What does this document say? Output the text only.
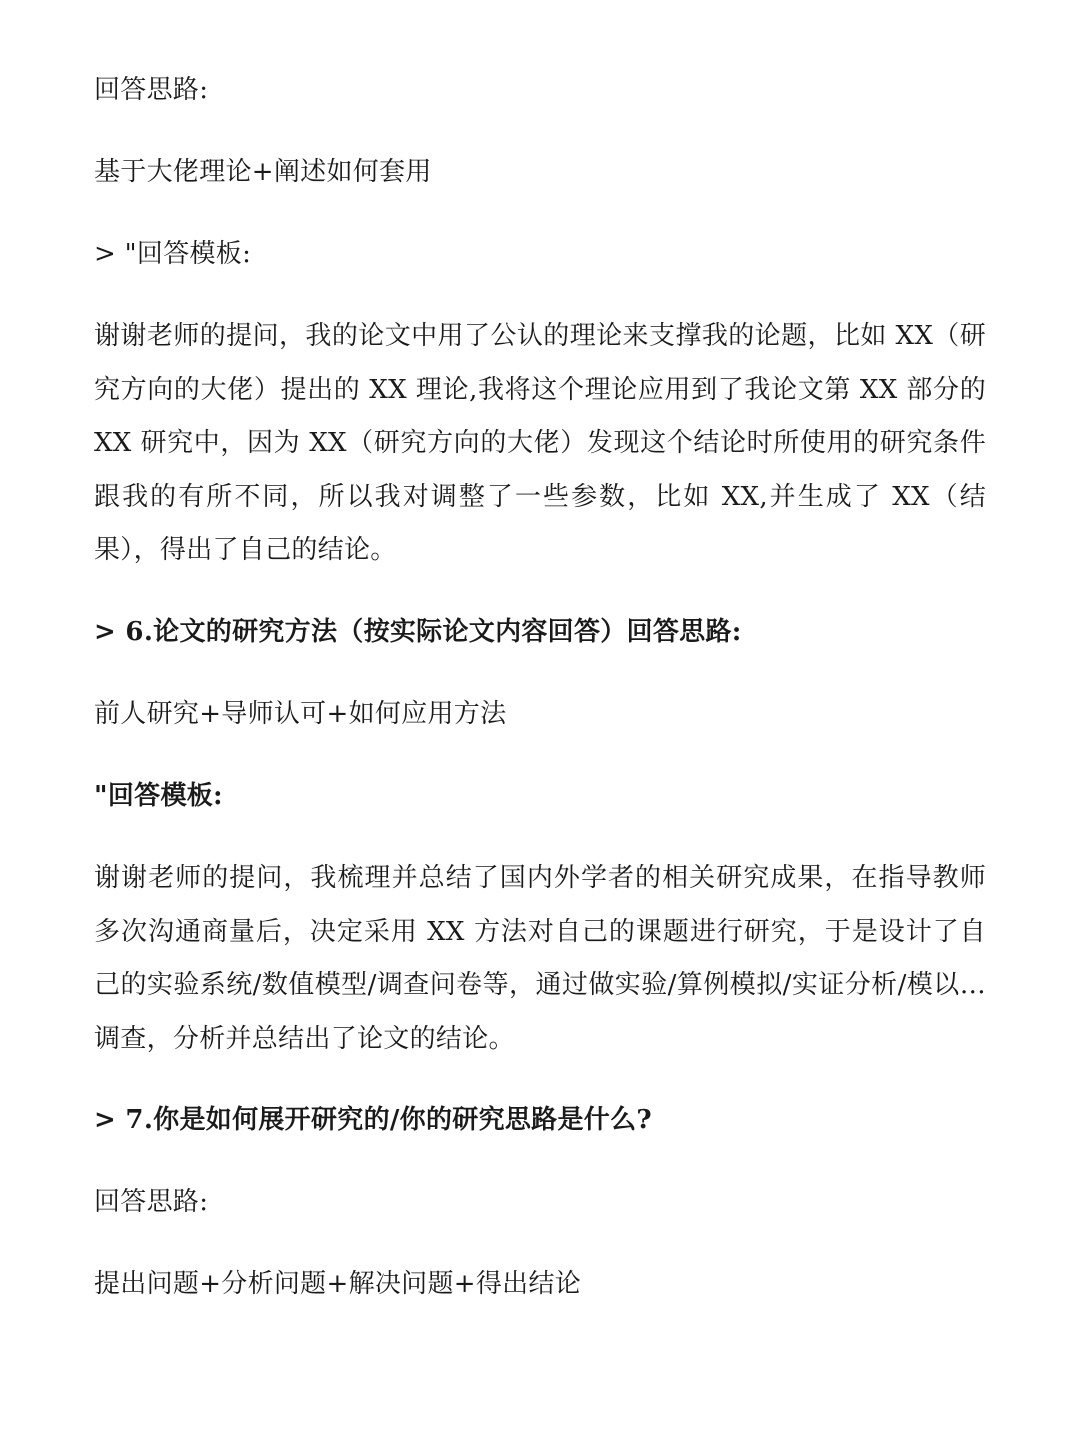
回答思路:
基于大佬理论+阐述如何套用
> "回答模板:
谢谢老师的提问，我的论文中用了公认的理论来支撑我的论题，比如 XX（研究方向的大佬）提出的 XX 理论,我将这个理论应用到了我论文第 XX 部分的 XX 研究中，因为 XX（研究方向的大佬）发现这个结论时所使用的研究条件跟我的有所不同，所以我对调整了一些参数，比如 XX,并生成了 XX（结果），得出了自己的结论。
> 6.论文的研究方法（按实际论文内容回答）回答思路:
前人研究+导师认可+如何应用方法
"回答模板:
谢谢老师的提问，我梳理并总结了国内外学者的相关研究成果，在指导教师多次沟通商量后，决定采用 XX 方法对自己的课题进行研究，于是设计了自己的实验系统/数值模型/调查问卷等，通过做实验/算例模拟/实证分析/模以…调查，分析并总结出了论文的结论。
> 7.你是如何展开研究的/你的研究思路是什么?
回答思路:
提出问题+分析问题+解决问题+得出结论
